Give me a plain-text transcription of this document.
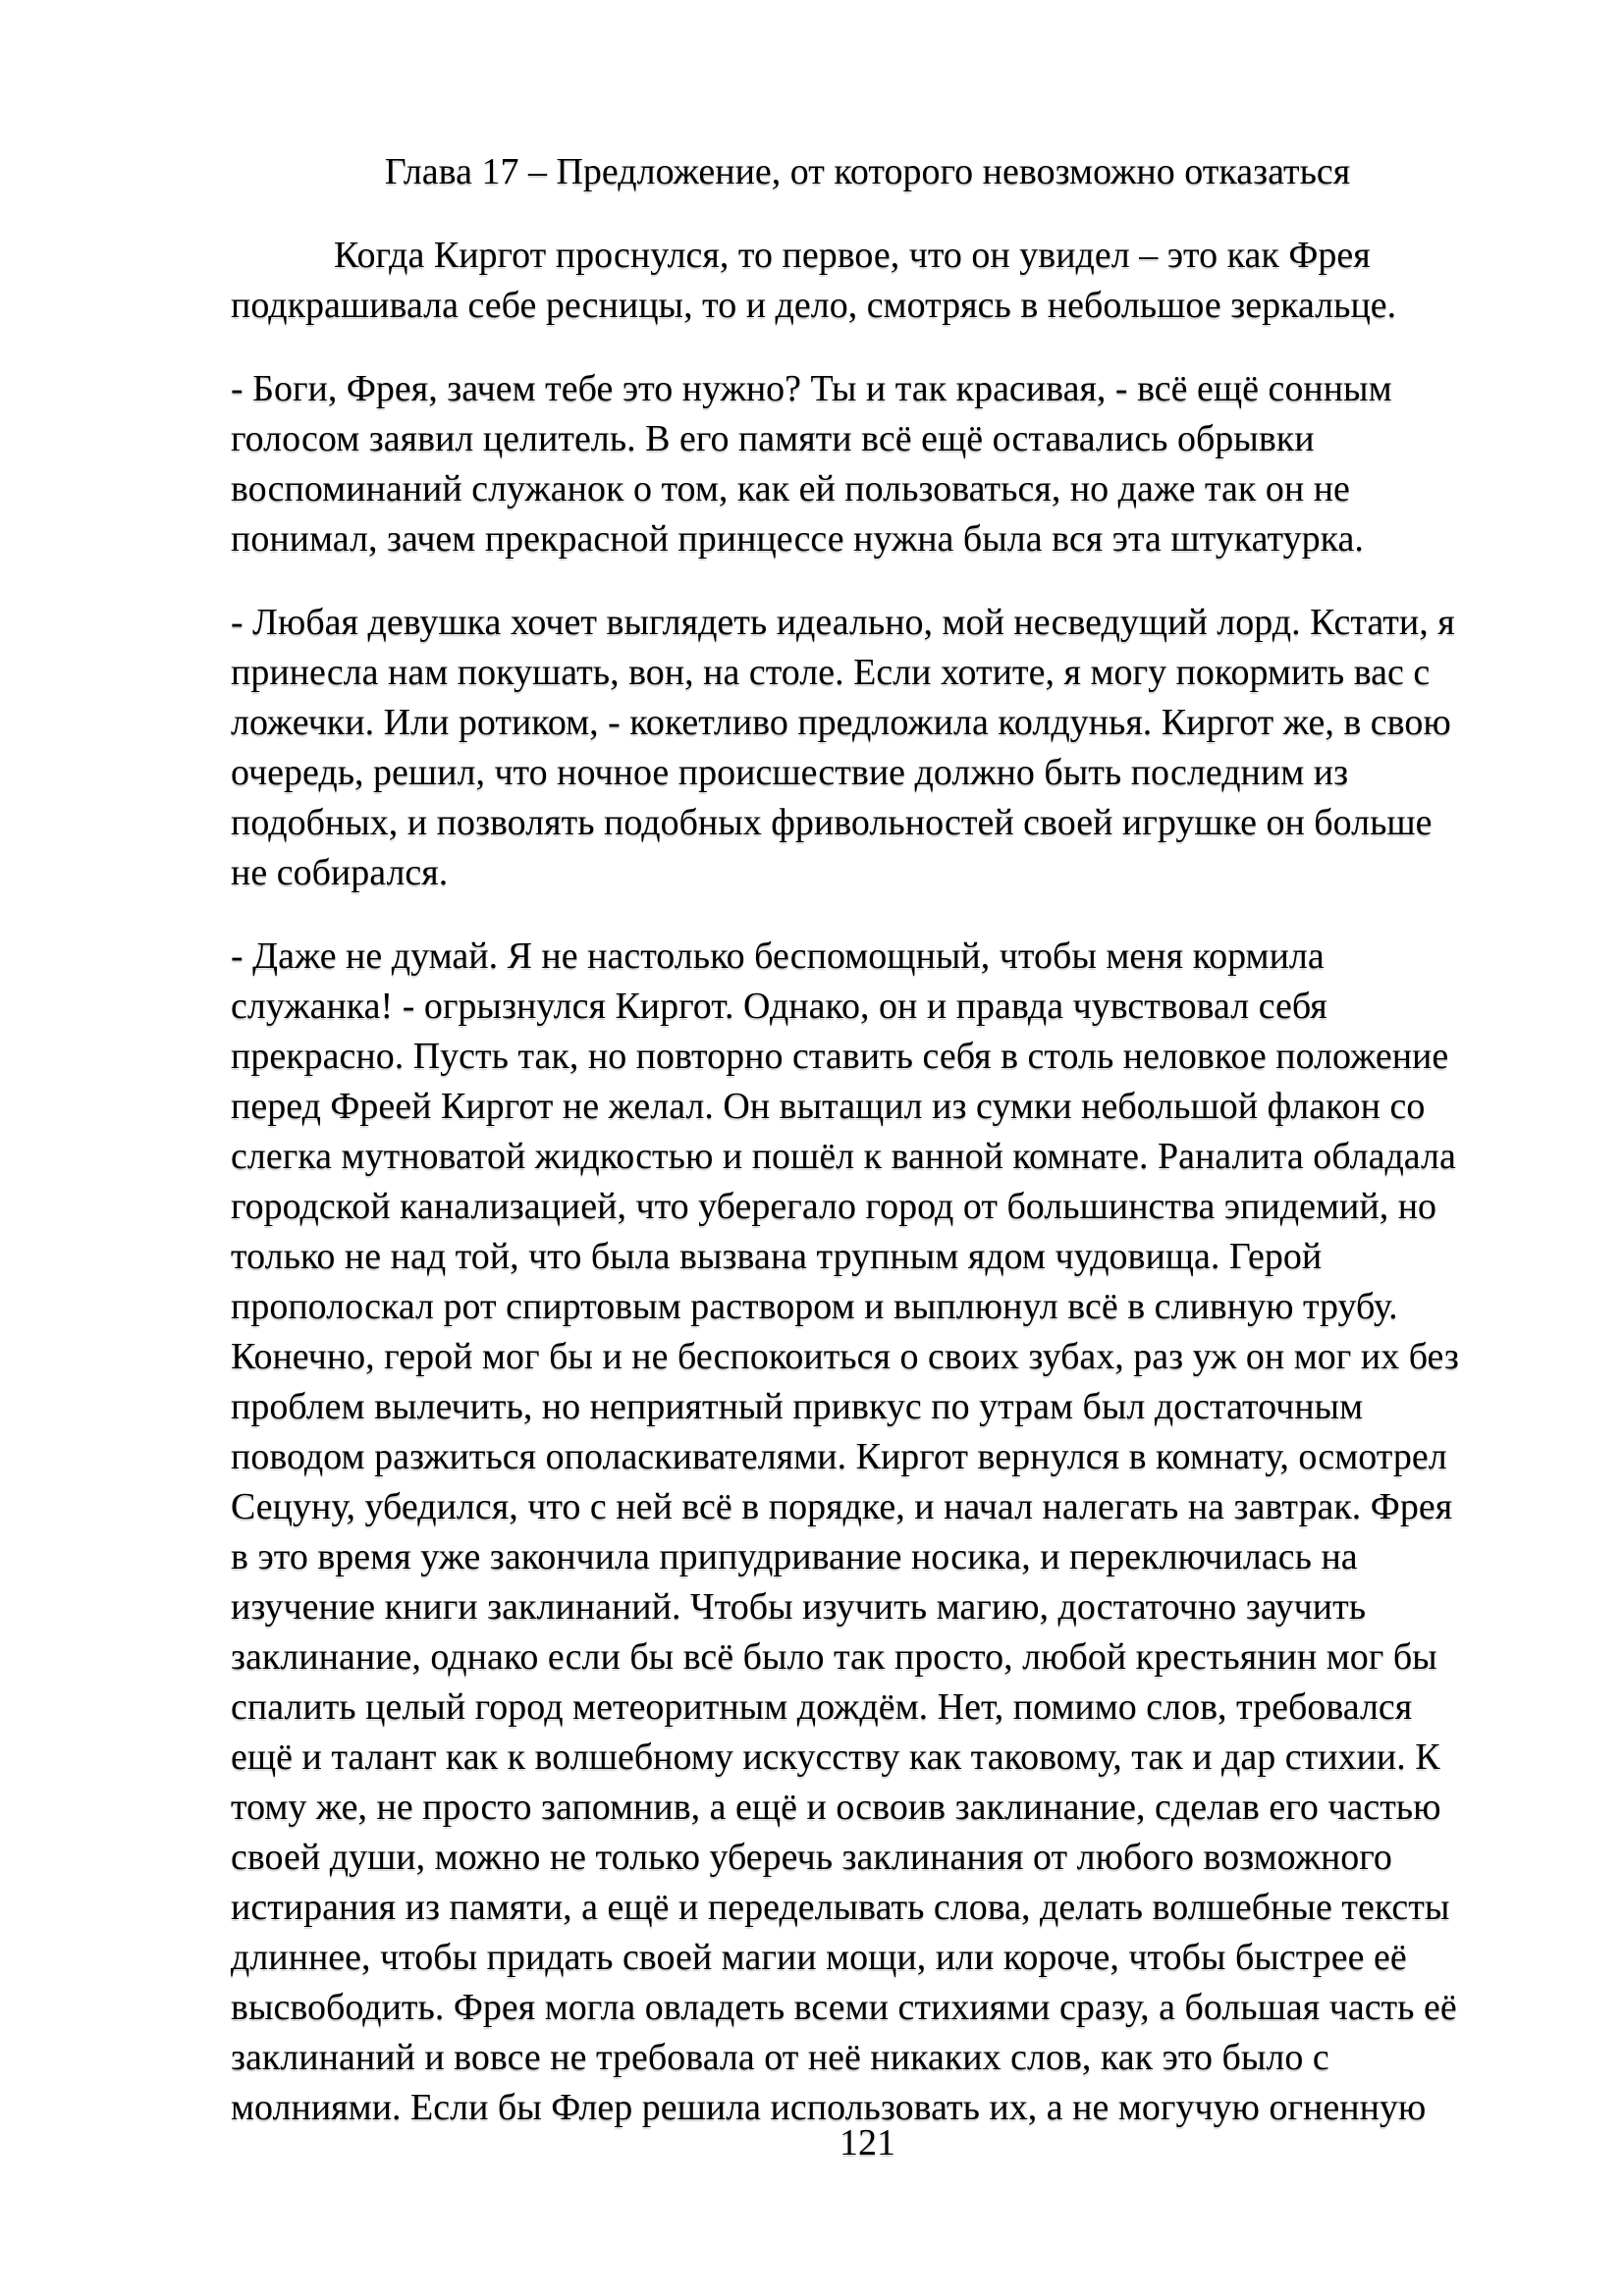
Глава 17 – Предложение, от которого невозможно отказаться
Когда Киргот проснулся, то первое, что он увидел – это как Фрея
подкрашивала себе ресницы, то и дело, смотрясь в небольшое зеркальце.
- Боги, Фрея, зачем тебе это нужно? Ты и так красивая, - всё ещё сонным
голосом заявил целитель. В его памяти всё ещё оставались обрывки
воспоминаний служанок о том, как ей пользоваться, но даже так он не
понимал, зачем прекрасной принцессе нужна была вся эта штукатурка.
- Любая девушка хочет выглядеть идеально, мой несведущий лорд. Кстати, я
принесла нам покушать, вон, на столе. Если хотите, я могу покормить вас с
ложечки. Или ротиком, - кокетливо предложила колдунья. Киргот же, в свою
очередь, решил, что ночное происшествие должно быть последним из
подобных, и позволять подобных фривольностей своей игрушке он больше
не собирался.
- Даже не думай. Я не настолько беспомощный, чтобы меня кормила
служанка! - огрызнулся Киргот. Однако, он и правда чувствовал себя
прекрасно. Пусть так, но повторно ставить себя в столь неловкое положение
перед Фреей Киргот не желал. Он вытащил из сумки небольшой флакон со
слегка мутноватой жидкостью и пошёл к ванной комнате. Раналита обладала
городской канализацией, что уберегало город от большинства эпидемий, но
только не над той, что была вызвана трупным ядом чудовища. Герой
прополоскал рот спиртовым раствором и выплюнул всё в сливную трубу.
Конечно, герой мог бы и не беспокоиться о своих зубах, раз уж он мог их без
проблем вылечить, но неприятный привкус по утрам был достаточным
поводом разжиться ополаскивателями. Киргот вернулся в комнату, осмотрел
Сецуну, убедился, что с ней всё в порядке, и начал налегать на завтрак. Фрея
в это время уже закончила припудривание носика, и переключилась на
изучение книги заклинаний. Чтобы изучить магию, достаточно заучить
заклинание, однако если бы всё было так просто, любой крестьянин мог бы
спалить целый город метеоритным дождём. Нет, помимо слов, требовался
ещё и талант как к волшебному искусству как таковому, так и дар стихии. К
тому же, не просто запомнив, а ещё и освоив заклинание, сделав его частью
своей души, можно не только уберечь заклинания от любого возможного
истирания из памяти, а ещё и переделывать слова, делать волшебные тексты
длиннее, чтобы придать своей магии мощи, или короче, чтобы быстрее её
высвободить. Фрея могла овладеть всеми стихиями сразу, а большая часть её
заклинаний и вовсе не требовала от неё никаких слов, как это было с
молниями. Если бы Флер решила использовать их, а не могучую огненную
121
